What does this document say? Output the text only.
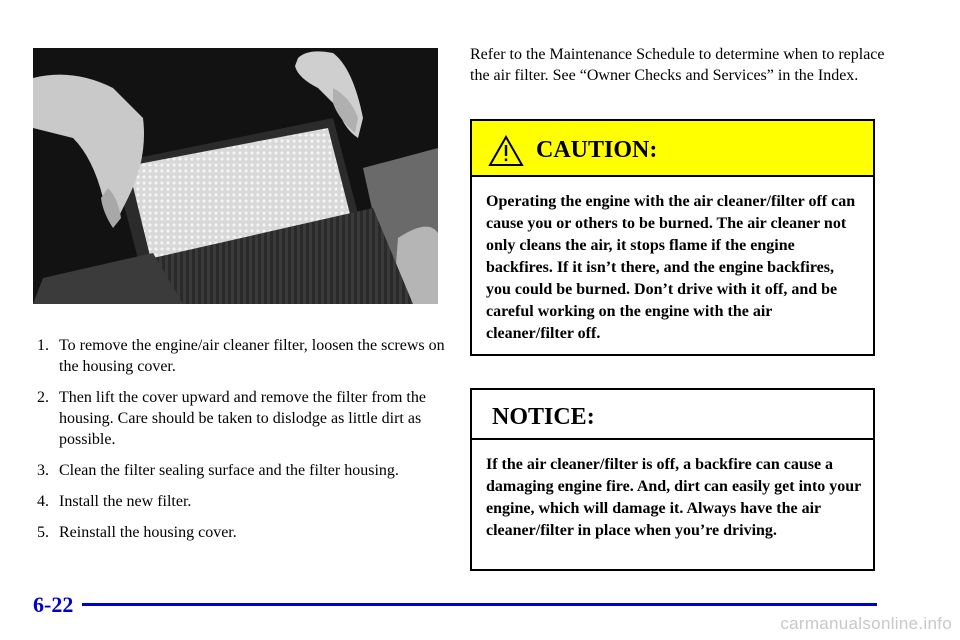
1. To remove the engine/air cleaner filter, loosen the screws on the housing cover.
2. Then lift the cover upward and remove the filter from the housing. Care should be taken to dislodge as little dirt as possible.
3. Clean the filter sealing surface and the filter housing.
4. Install the new filter.
5. Reinstall the housing cover.

Refer to the Maintenance Schedule to determine when to replace the air filter. See “Owner Checks and Services” in the Index.

CAUTION:
Operating the engine with the air cleaner/filter off can cause you or others to be burned. The air cleaner not only cleans the air, it stops flame if the engine backfires. If it isn’t there, and the engine backfires, you could be burned. Don’t drive with it off, and be careful working on the engine with the air cleaner/filter off.
NOTICE:
If the air cleaner/filter is off, a backfire can cause a damaging engine fire. And, dirt can easily get into your engine, which will damage it. Always have the air cleaner/filter in place when you’re driving.
6-22
carmanualsonline.info
